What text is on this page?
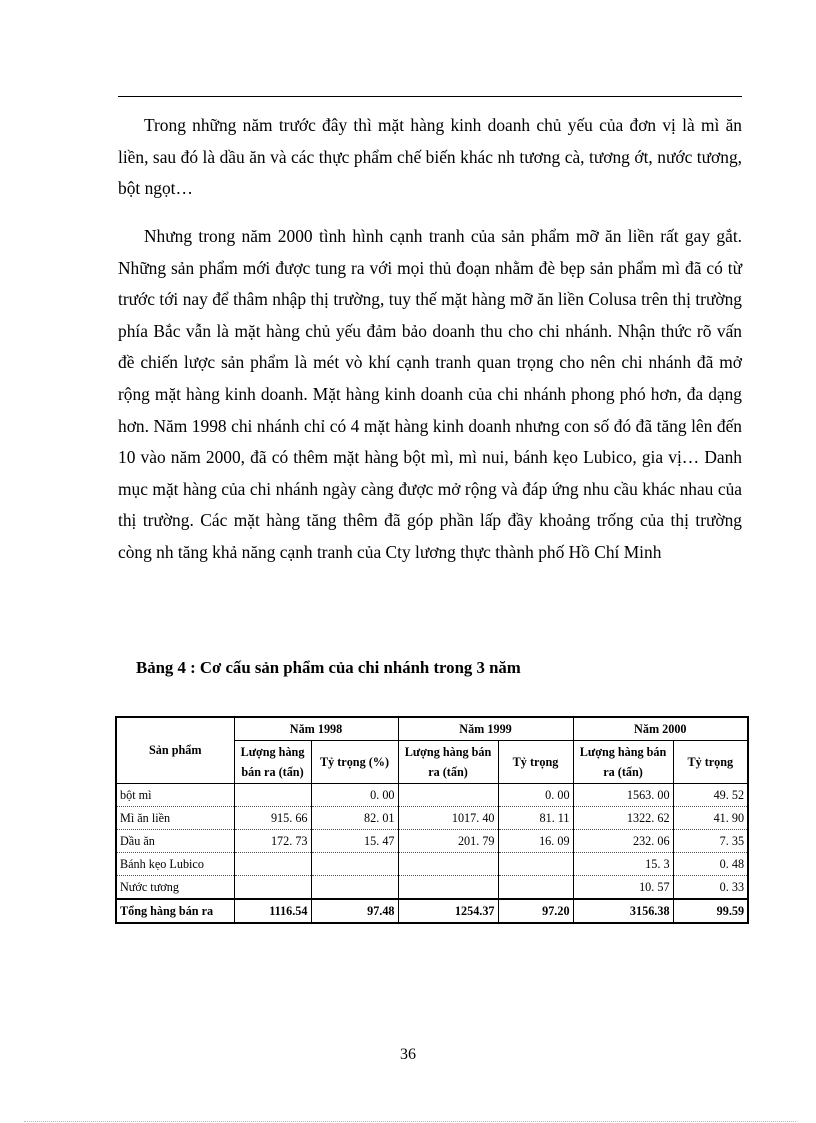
Trong những năm trước đây thì mặt hàng kinh doanh chủ yếu của đơn vị là mì ăn liền, sau đó là dầu ăn và các thực phẩm chế biến khác nh tương cà, tương ớt, nước tương, bột ngọt…

Nhưng trong năm 2000 tình hình cạnh tranh của sản phẩm mỡ ăn liền rất gay gắt. Những sản phẩm mới được tung ra với mọi thủ đoạn nhằm đè bẹp sản phẩm mì đã có từ trước tới nay để thâm nhập thị trường, tuy thế mặt hàng mỡ ăn liền Colusa trên thị trường phía Bắc vẫn là mặt hàng chủ yếu đảm bảo doanh thu cho chi nhánh. Nhận thức rõ vấn đề chiến lược sản phẩm là mét vò khí cạnh tranh quan trọng cho nên chi nhánh đã mở rộng mặt hàng kinh doanh. Mặt hàng kinh doanh của chi nhánh phong phó hơn, đa dạng hơn. Năm 1998 chi nhánh chỉ có 4 mặt hàng kinh doanh nhưng con số đó đã tăng lên đến 10 vào năm 2000, đã có thêm mặt hàng bột mì, mì nui, bánh kẹo Lubico, gia vị… Danh mục mặt hàng của chi nhánh ngày càng được mở rộng và đáp ứng nhu cầu khác nhau của thị trường. Các mặt hàng tăng thêm đã góp phần lấp đầy khoảng trống của thị trường còng nh tăng khả năng cạnh tranh của Cty lương thực thành phố Hồ Chí Minh

Bảng 4 : Cơ cấu sản phẩm của chi nhánh trong 3 năm

Sản phẩm	Năm 1998		Năm 1999		Năm 2000	
	Lượng hàng bán ra (tấn)	Tỷ trọng (%)	Lượng hàng bán ra (tấn)	Tỷ trọng	Lượng hàng bán ra (tấn)	Tỷ trọng
bột mì		0. 00		0. 00	1563. 00	49. 52
Mì ăn liền	915. 66	82. 01	1017. 40	81. 11	1322. 62	41. 90
Dầu ăn	172. 73	15. 47	201. 79	16. 09	232. 06	7. 35
Bánh kẹo Lubico					15. 3	0. 48
Nước tương					10. 57	0. 33
Tổng hàng bán ra	1116.54	97.48	1254.37	97.20	3156.38	99.59
36
